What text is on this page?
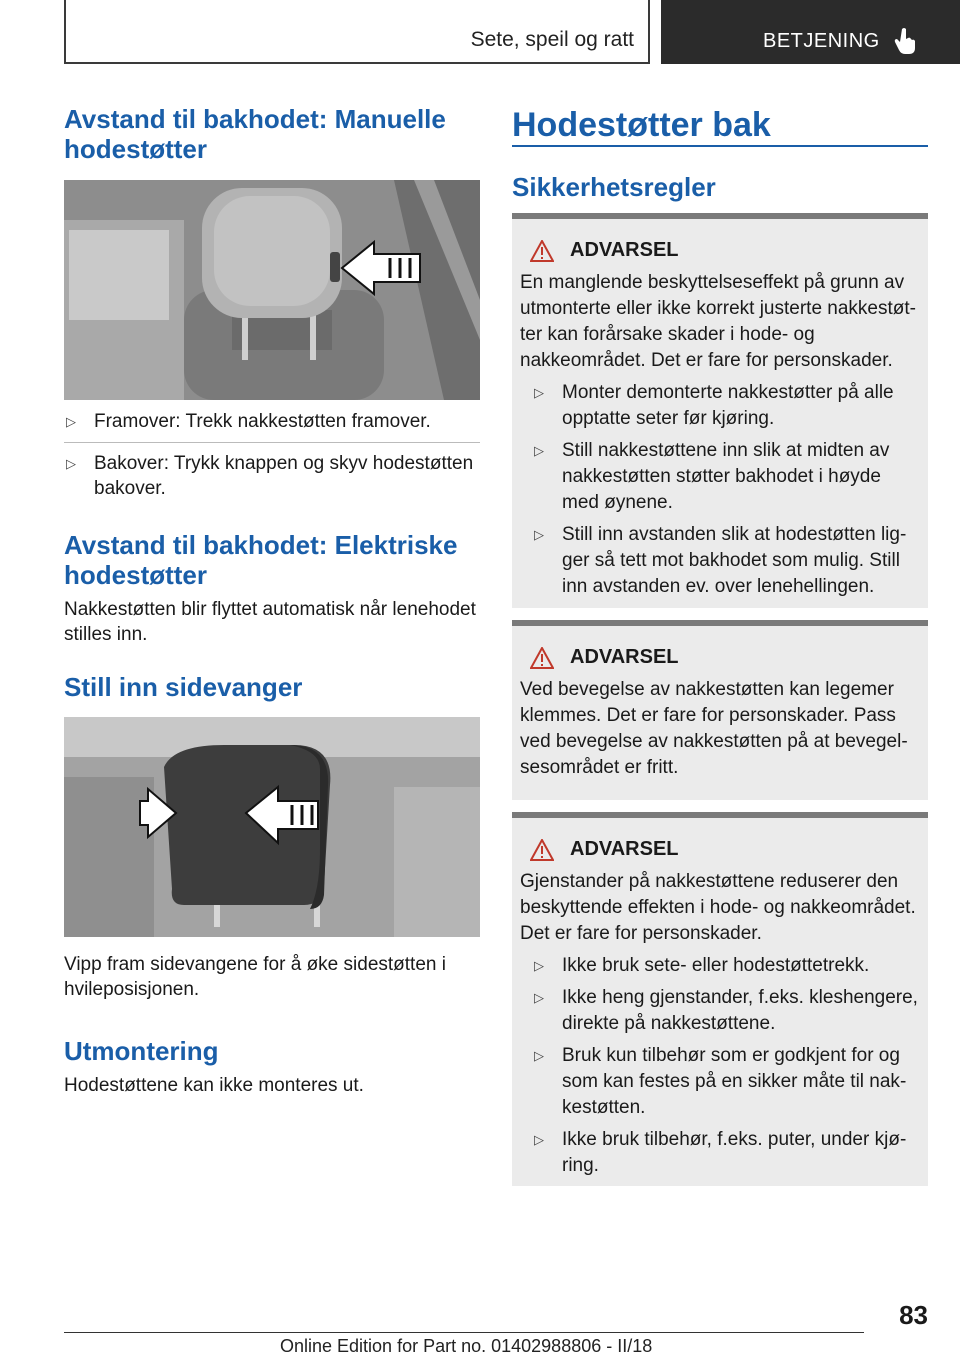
Sete, speil og ratt	BETJENING
Avstand til bakhodet: Manuelle hodestøtter
▷ Framover: Trekk nakkestøtten framover.
▷ Bakover: Trykk knappen og skyv hodestøtten bakover.
Avstand til bakhodet: Elektriske hodestøtter
Nakkestøtten blir flyttet automatisk når lenehodet stilles inn.
Still inn sidevanger
Vipp fram sidevangene for å øke sidestøtten i hvileposisjonen.
Utmontering
Hodestøttene kan ikke monteres ut.
Hodestøtter bak
Sikkerhetsregler
ADVARSEL
En manglende beskyttelseseffekt på grunn av utmonterte eller ikke korrekt justerte nakkestøtter kan forårsake skader i hode- og nakkeområdet. Det er fare for personskader.
▷ Monter demonterte nakkestøtter på alle opptatte seter før kjøring.
▷ Still nakkestøttene inn slik at midten av nakkestøtten støtter bakhodet i høyde med øynene.
▷ Still inn avstanden slik at hodestøtten ligger så tett mot bakhodet som mulig. Still inn avstanden ev. over lenehellingen.
ADVARSEL
Ved bevegelse av nakkestøtten kan legemer klemmes. Det er fare for personskader. Pass ved bevegelse av nakkestøtten på at bevegelsesområdet er fritt.
ADVARSEL
Gjenstander på nakkestøttene reduserer den beskyttende effekten i hode- og nakkeområdet. Det er fare for personskader.
▷ Ikke bruk sete- eller hodestøttetrekk.
▷ Ikke heng gjenstander, f.eks. kleshengere, direkte på nakkestøttene.
▷ Bruk kun tilbehør som er godkjent for og som kan festes på en sikker måte til nakkestøtten.
▷ Ikke bruk tilbehør, f.eks. puter, under kjøring.
83
Online Edition for Part no. 01402988806 - II/18
